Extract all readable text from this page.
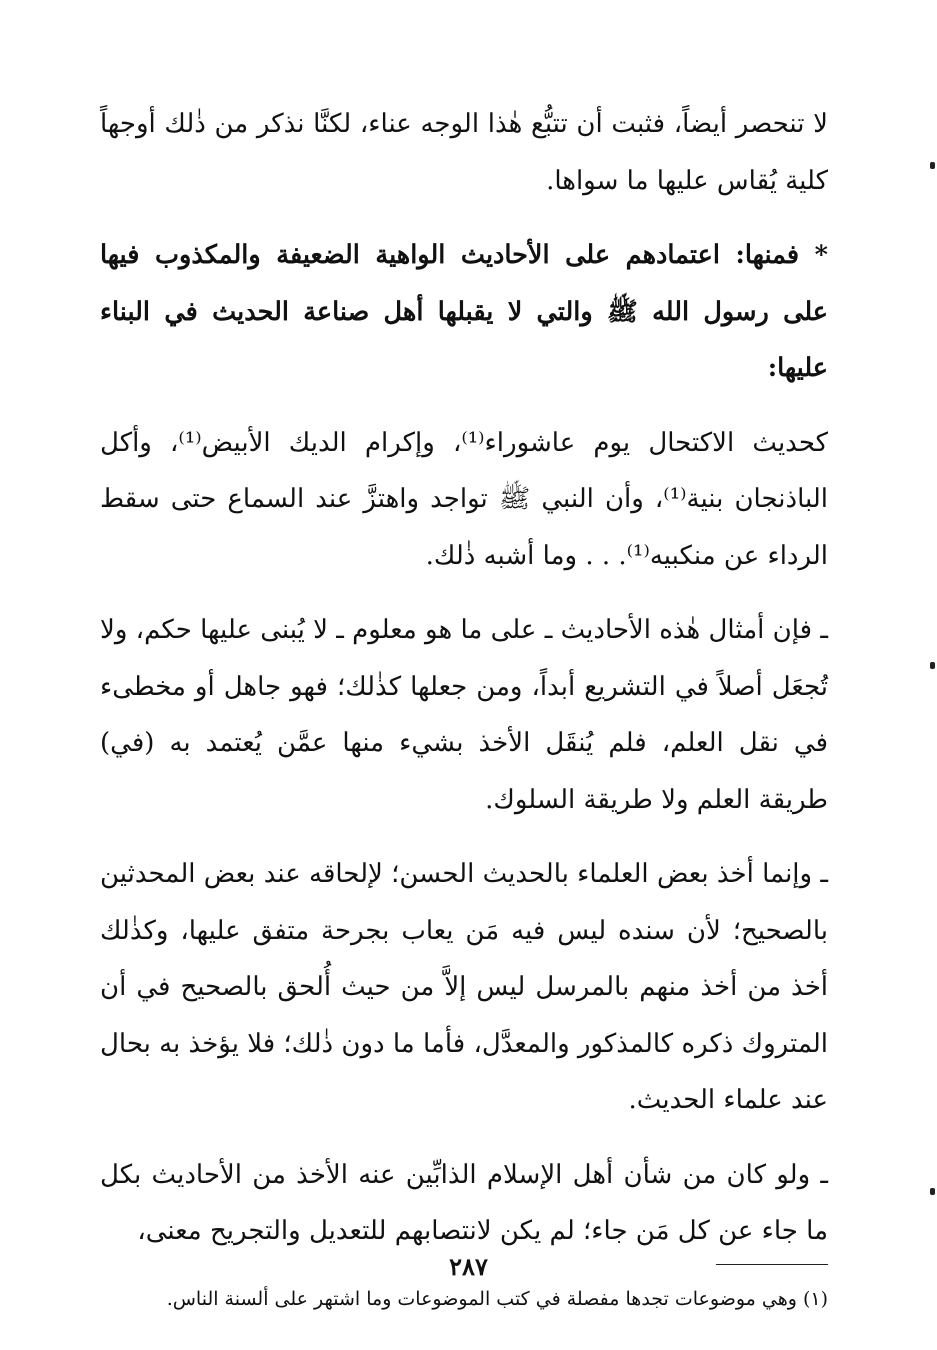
لا تنحصر أيضاً، فثبت أن تتبُّع هٰذا الوجه عناء، لكنَّا نذكر من ذٰلك أوجهاً كلية يُقاس عليها ما سواها.

* فمنها: اعتمادهم على الأحاديث الواهية الضعيفة والمكذوب فيها على رسول الله ﷺ والتي لا يقبلها أهل صناعة الحديث في البناء عليها:

كحديث الاكتحال يوم عاشوراء⁽¹⁾، وإكرام الديك الأبيض⁽¹⁾، وأكل الباذنجان بنية⁽¹⁾، وأن النبي ﷺ تواجد واهتزَّ عند السماع حتى سقط الرداء عن منكبيه⁽¹⁾. . . وما أشبه ذٰلك.

ـ فإن أمثال هٰذه الأحاديث ـ على ما هو معلوم ـ لا يُبنى عليها حكم، ولا تُجعَل أصلاً في التشريع أبداً، ومن جعلها كذٰلك؛ فهو جاهل أو مخطىء في نقل العلم، فلم يُنقَل الأخذ بشيء منها عمَّن يُعتمد به (في) طريقة العلم ولا طريقة السلوك.

ـ وإنما أخذ بعض العلماء بالحديث الحسن؛ لإلحاقه عند بعض المحدثين بالصحيح؛ لأن سنده ليس فيه مَن يعاب بجرحة متفق عليها، وكذٰلك أخذ من أخذ منهم بالمرسل ليس إلاَّ من حيث أُلحق بالصحيح في أن المتروك ذكره كالمذكور والمعدَّل، فأما ما دون ذٰلك؛ فلا يؤخذ به بحال عند علماء الحديث.

ـ ولو كان من شأن أهل الإسلام الذابِّين عنه الأخذ من الأحاديث بكل ما جاء عن كل مَن جاء؛ لم يكن لانتصابهم للتعديل والتجريح معنى،

(١) وهي موضوعات تجدها مفصلة في كتب الموضوعات وما اشتهر على ألسنة الناس.

٢٨٧
